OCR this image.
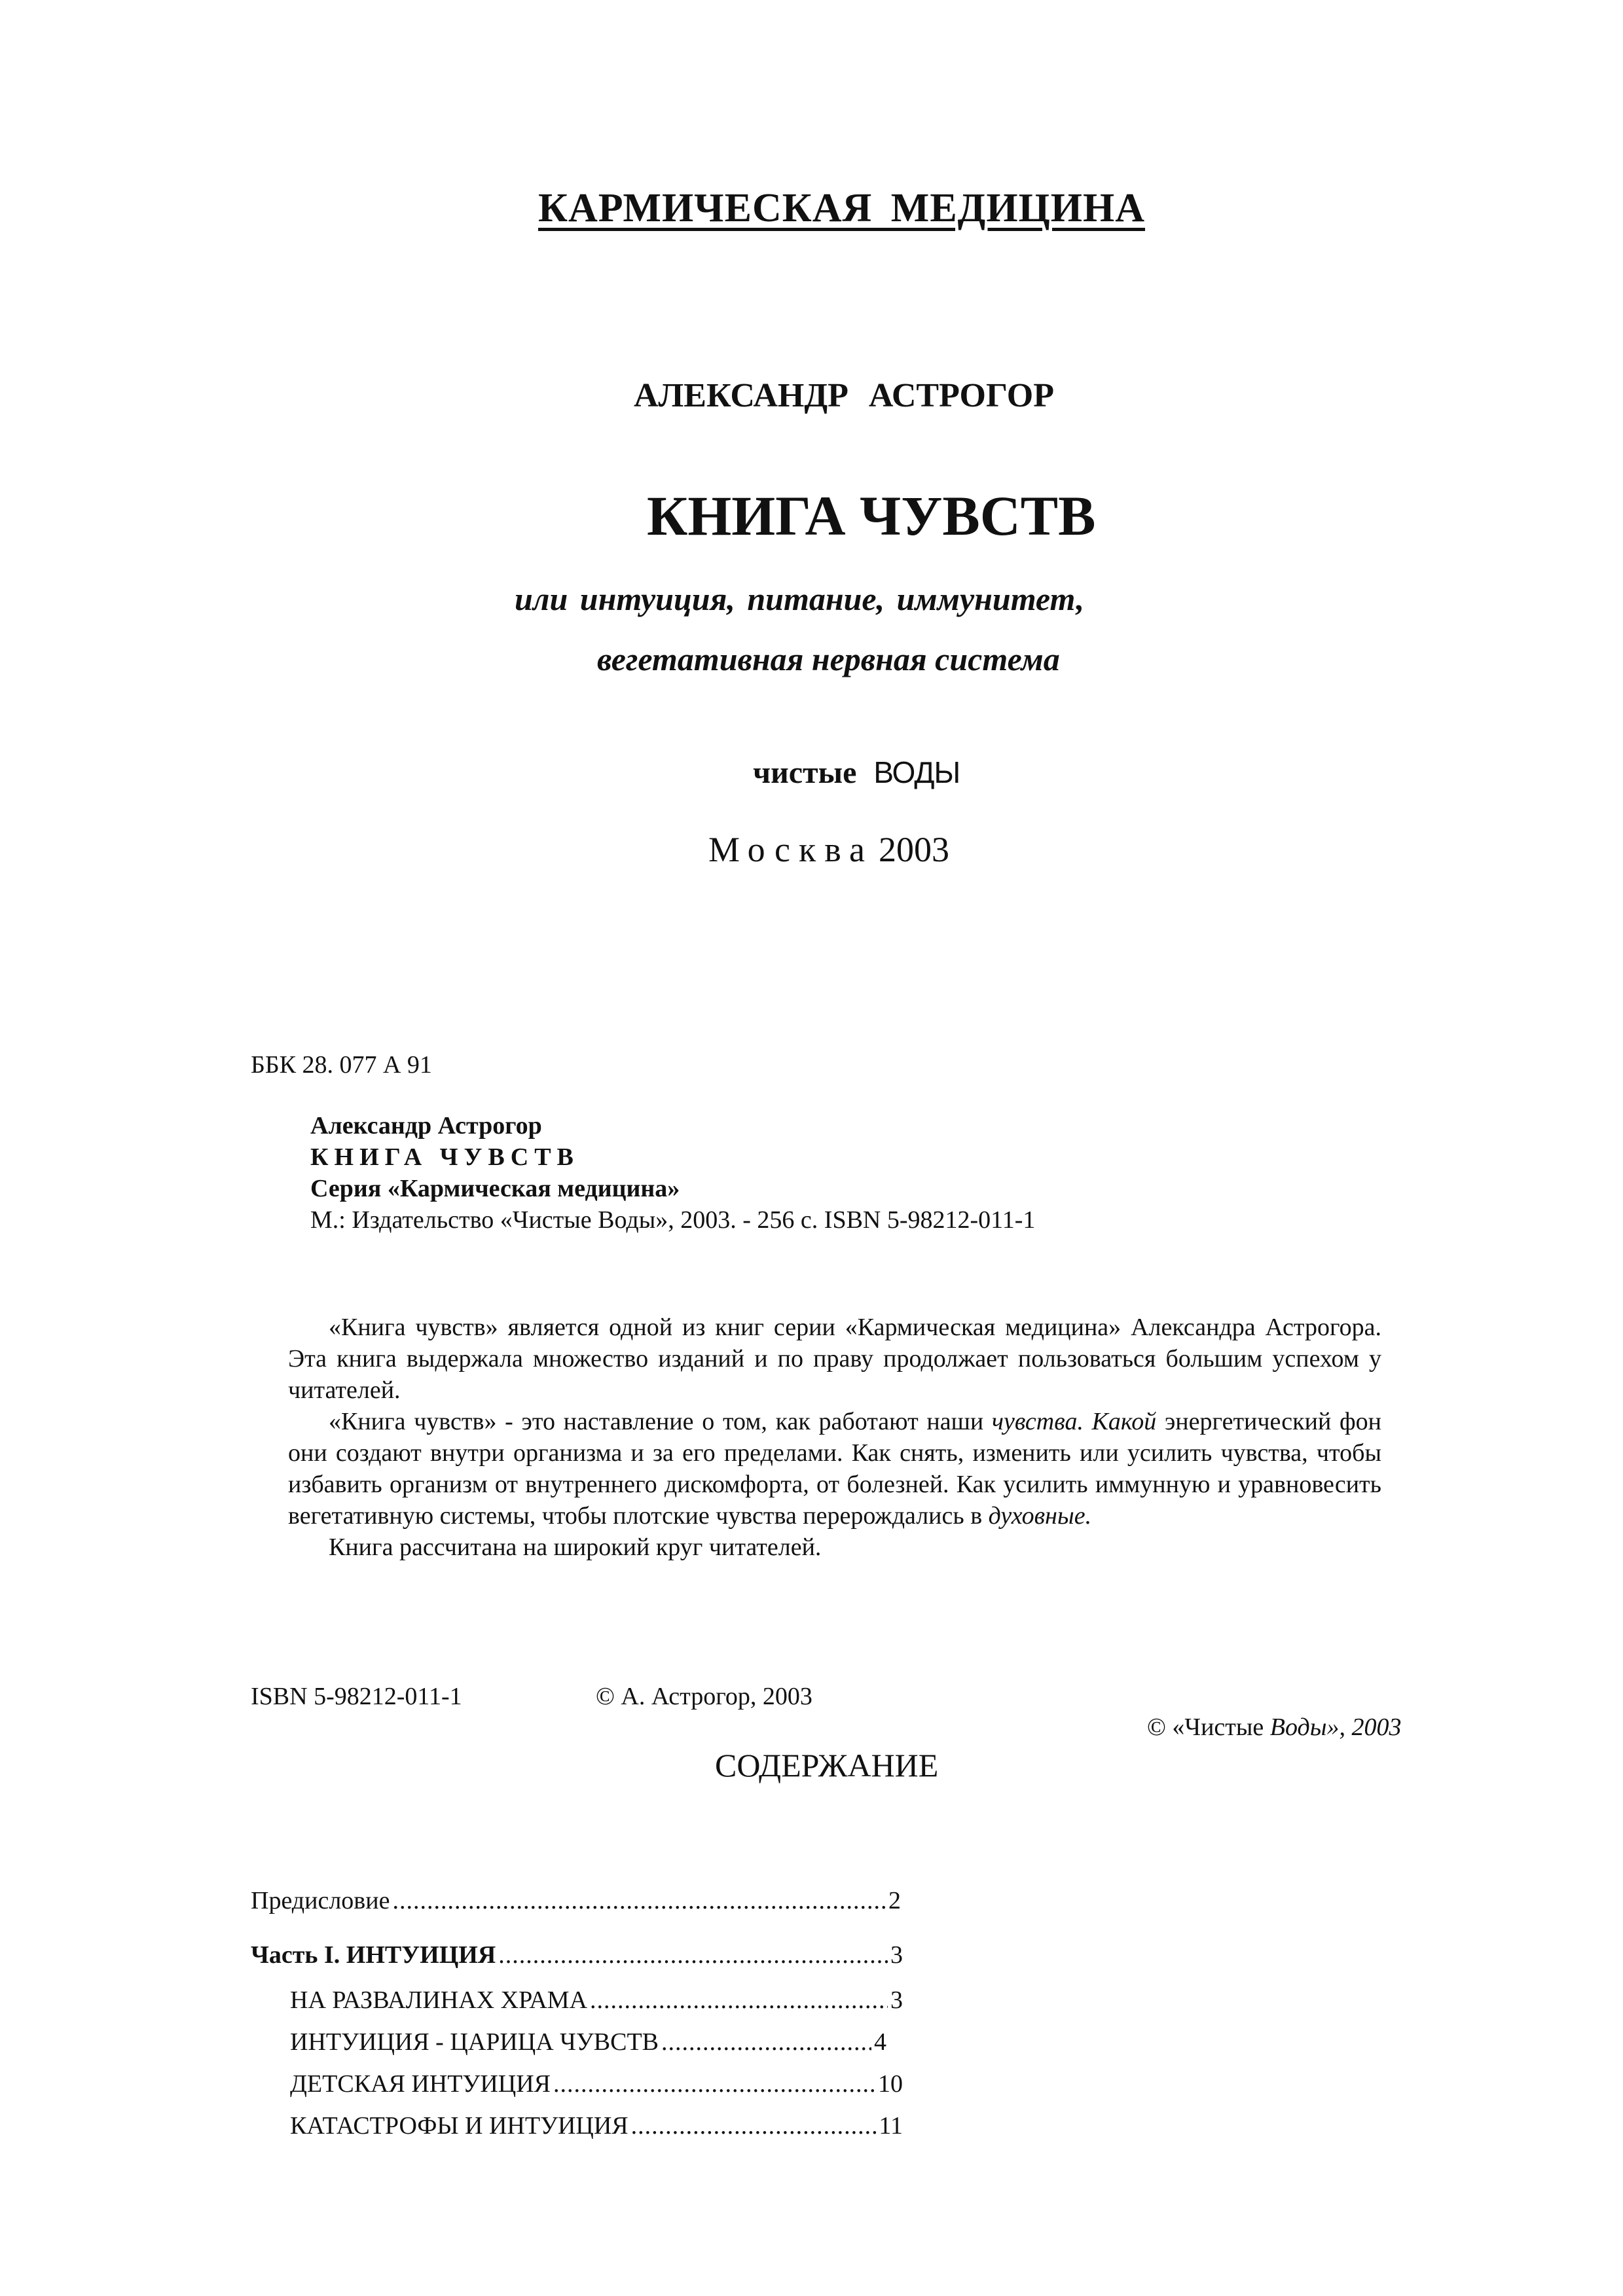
КАРМИЧЕСКАЯ МЕДИЦИНА
АЛЕКСАНДР АСТРОГОР
КНИГА ЧУВСТВ
или интуиция, питание, иммунитет,
вегетативная нервная система
чистые ВОДЫ
Москва 2003
ББК 28. 077 А 91
Александр Астрогор
КНИГА ЧУВСТВ
Серия «Кармическая медицина»
М.: Издательство «Чистые Воды», 2003. - 256 с. ISBN 5-98212-011-1

«Книга чувств» является одной из книг серии «Кармическая медицина» Александра Астрогора. Эта книга выдержала множество изданий и по праву продолжает пользоваться большим успехом у читателей.

«Книга чувств» - это наставление о том, как работают наши чувства. Какой энергетический фон они создают внутри организма и за его пределами. Как снять, изменить или усилить чувства, чтобы избавить организм от внутреннего дискомфорта, от болезней. Как усилить иммунную и уравновесить вегетативную системы, чтобы плотские чувства перерождались в духовные.

Книга рассчитана на широкий круг читателей.

ISBN 5-98212-011-1	© А. Астрогор, 2003
© «Чистые Воды», 2003
СОДЕРЖАНИЕ
Предисловие .....	2
Часть I. ИНТУИЦИЯ .....	3
НА РАЗВАЛИНАХ ХРАМА .....	3
ИНТУИЦИЯ - ЦАРИЦА ЧУВСТВ .....	4
ДЕТСКАЯ ИНТУИЦИЯ .....	10
КАТАСТРОФЫ И ИНТУИЦИЯ .....	11
